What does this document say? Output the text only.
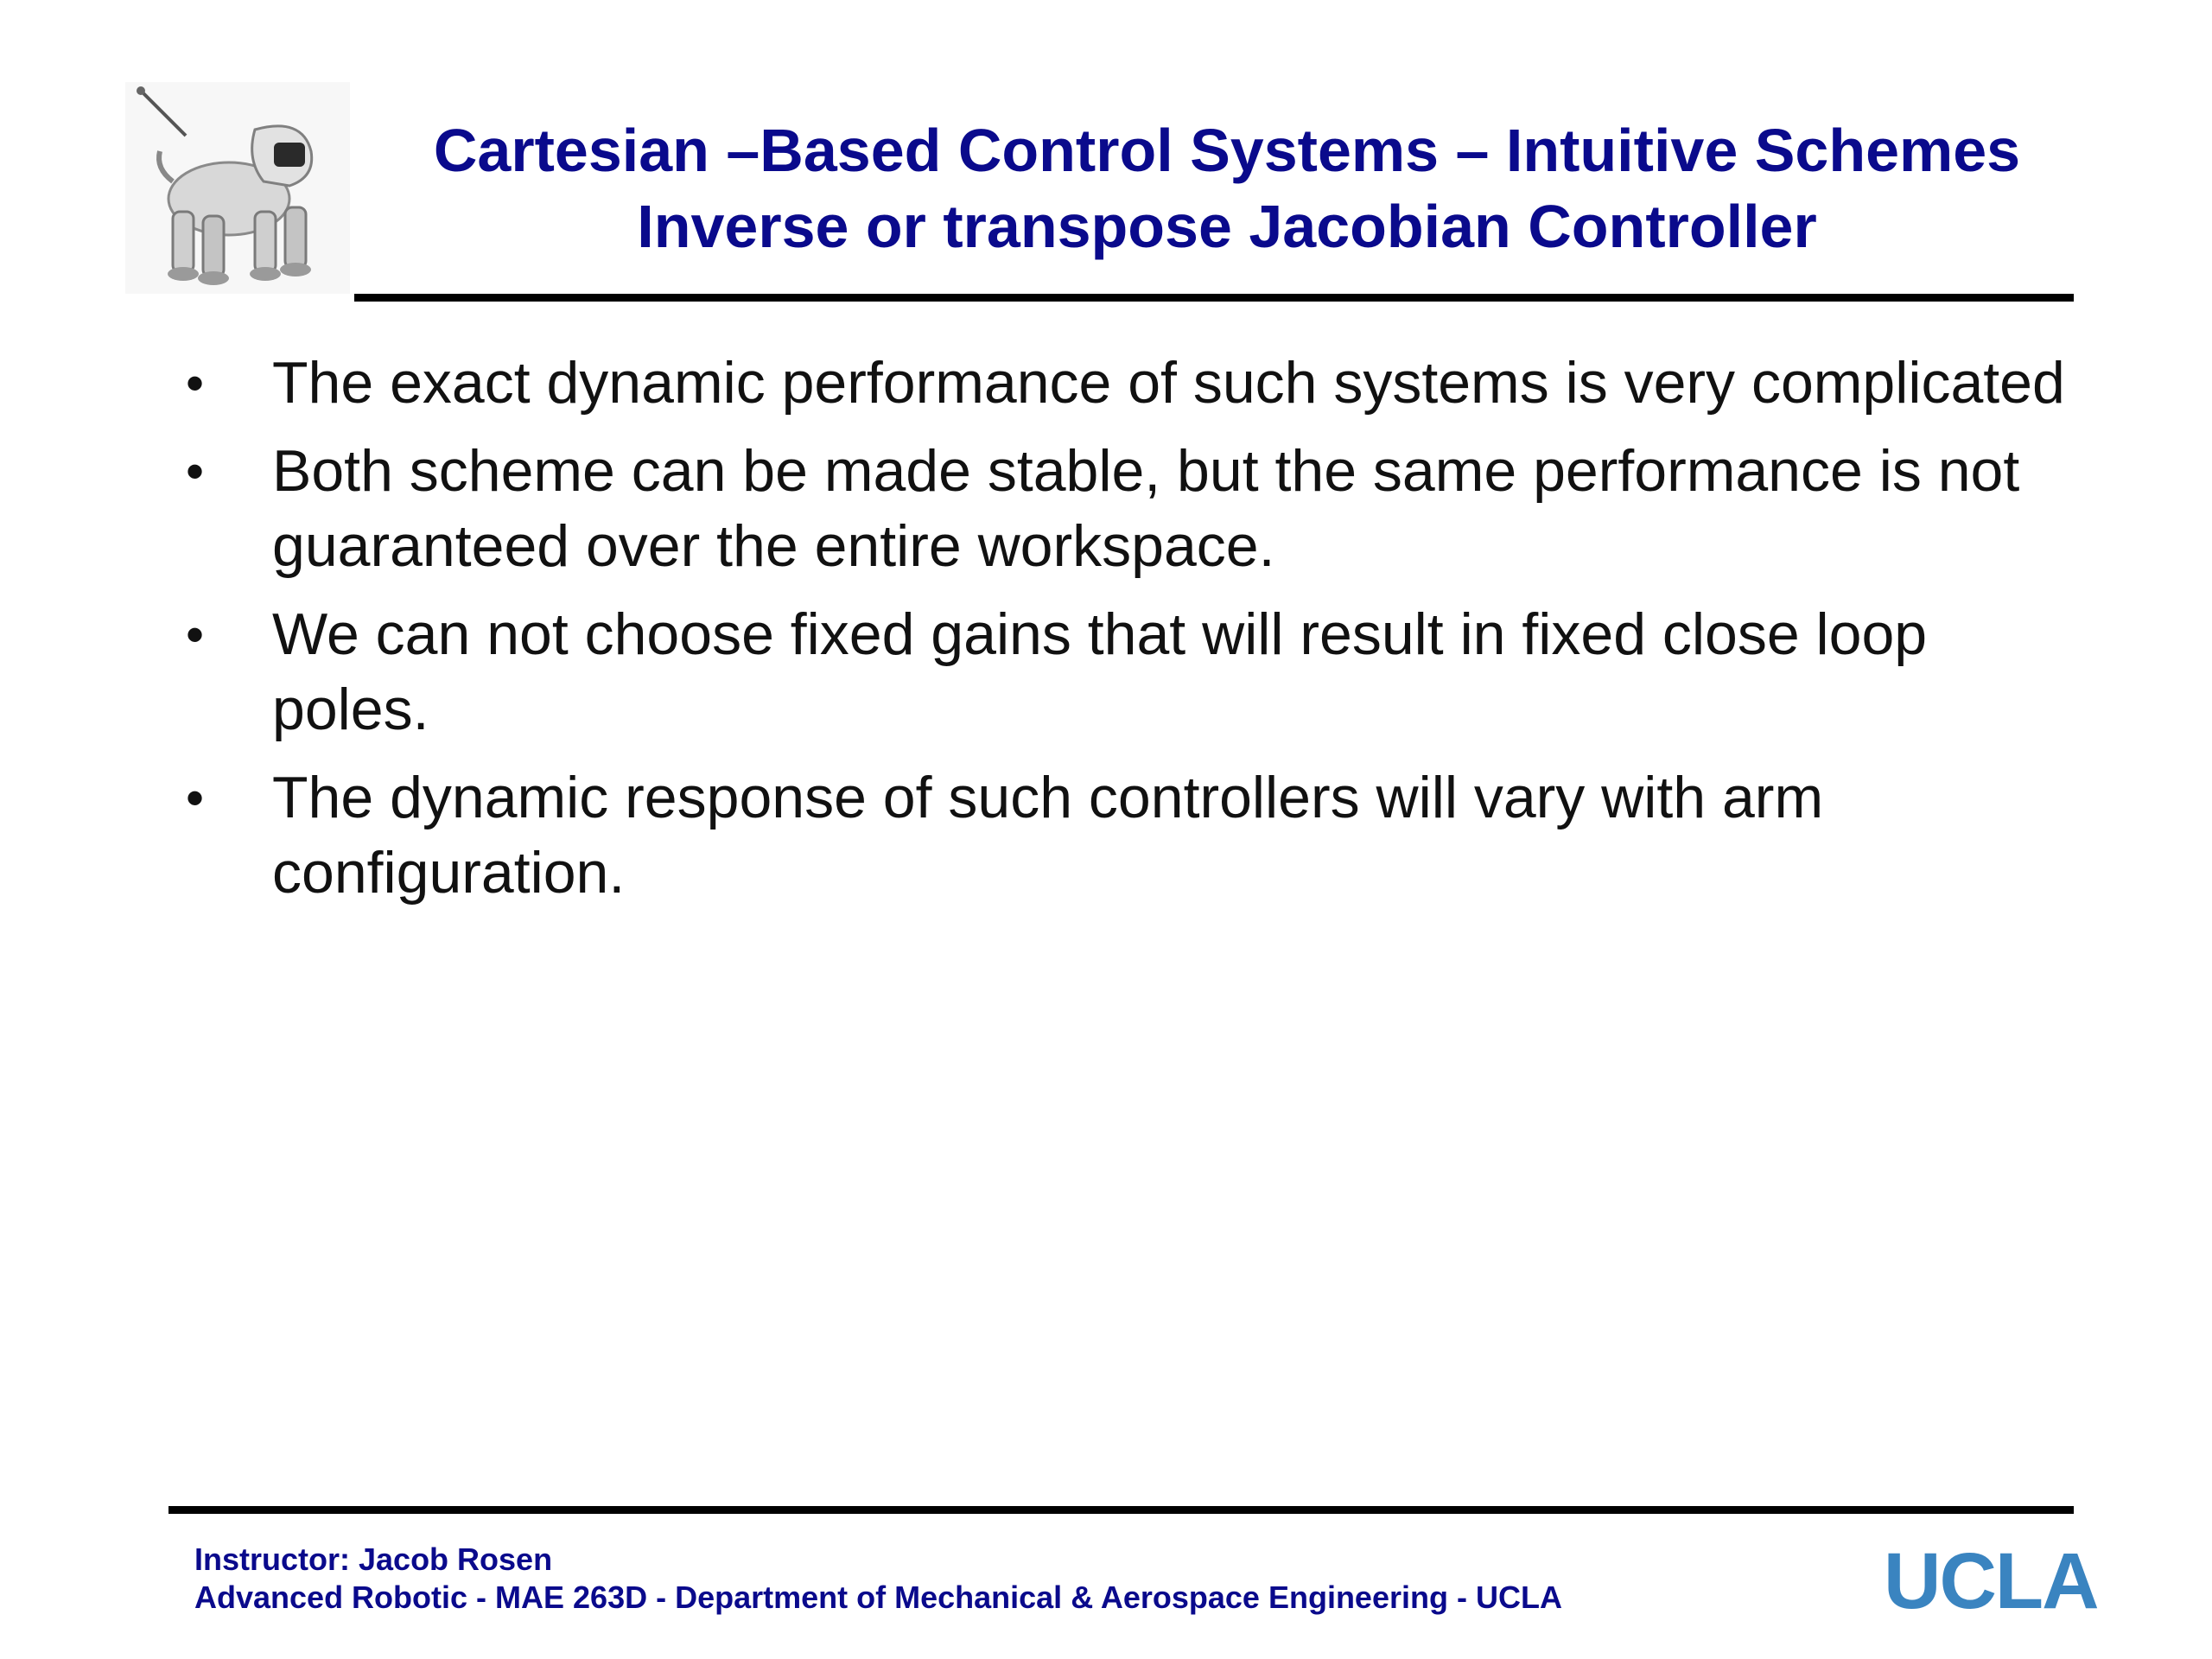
Cartesian –Based Control Systems – Intuitive Schemes
Inverse or transpose Jacobian Controller
• The exact dynamic performance of such systems is very complicated
• Both scheme can be made stable, but the same performance is not guaranteed over the entire workspace.
• We can not choose fixed gains that will result in fixed close loop poles.
• The dynamic response of such controllers will vary with arm configuration.
Instructor: Jacob Rosen
Advanced Robotic - MAE 263D - Department of Mechanical & Aerospace Engineering - UCLA	UCLA
